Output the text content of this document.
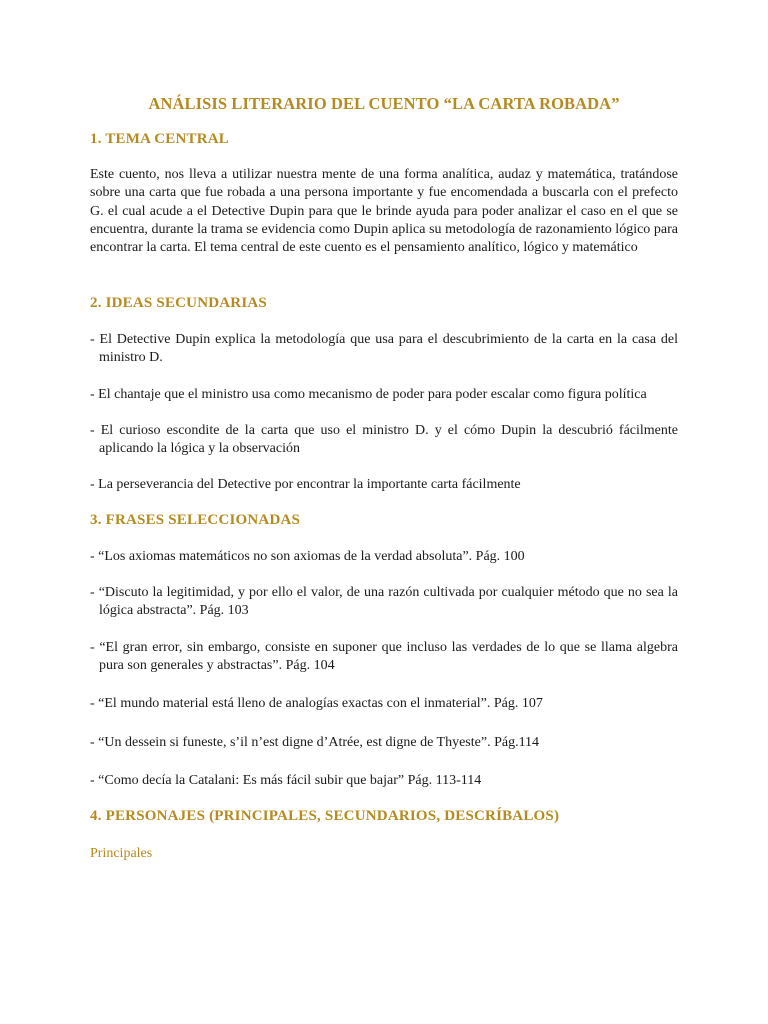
ANÁLISIS LITERARIO DEL CUENTO “LA CARTA ROBADA”
1. TEMA CENTRAL

Este cuento, nos lleva a utilizar nuestra mente de una forma analítica, audaz y matemática, tratándose sobre una carta que fue robada a una persona importante y fue encomendada a buscarla con el prefecto G. el cual acude a el Detective Dupin para que le brinde ayuda para poder analizar el caso en el que se encuentra, durante la trama se evidencia como Dupin aplica su metodología de razonamiento lógico para encontrar la carta. El tema central de este cuento es el pensamiento analítico, lógico y matemático

2. IDEAS SECUNDARIAS

- El Detective Dupin explica la metodología que usa para el descubrimiento de la carta en la casa del ministro D.

- El chantaje que el ministro usa como mecanismo de poder para poder escalar como figura política

- El curioso escondite de la carta que uso el ministro D. y el cómo Dupin la descubrió fácilmente aplicando la lógica y la observación

- La perseverancia del Detective por encontrar la importante carta fácilmente

3. FRASES SELECCIONADAS

- “Los axiomas matemáticos no son axiomas de la verdad absoluta”. Pág. 100

- “Discuto la legitimidad, y por ello el valor, de una razón cultivada por cualquier método que no sea la lógica abstracta”. Pág. 103

- “El gran error, sin embargo, consiste en suponer que incluso las verdades de lo que se llama algebra pura son generales y abstractas”. Pág. 104

- “El mundo material está lleno de analogías exactas con el inmaterial”. Pág. 107

- “Un dessein si funeste, s’il n’est digne d’Atrée, est digne de Thyeste”. Pág.114

- “Como decía la Catalani: Es más fácil subir que bajar” Pág. 113-114

4. PERSONAJES (PRINCIPALES, SECUNDARIOS, DESCRÍBALOS)

Principales
